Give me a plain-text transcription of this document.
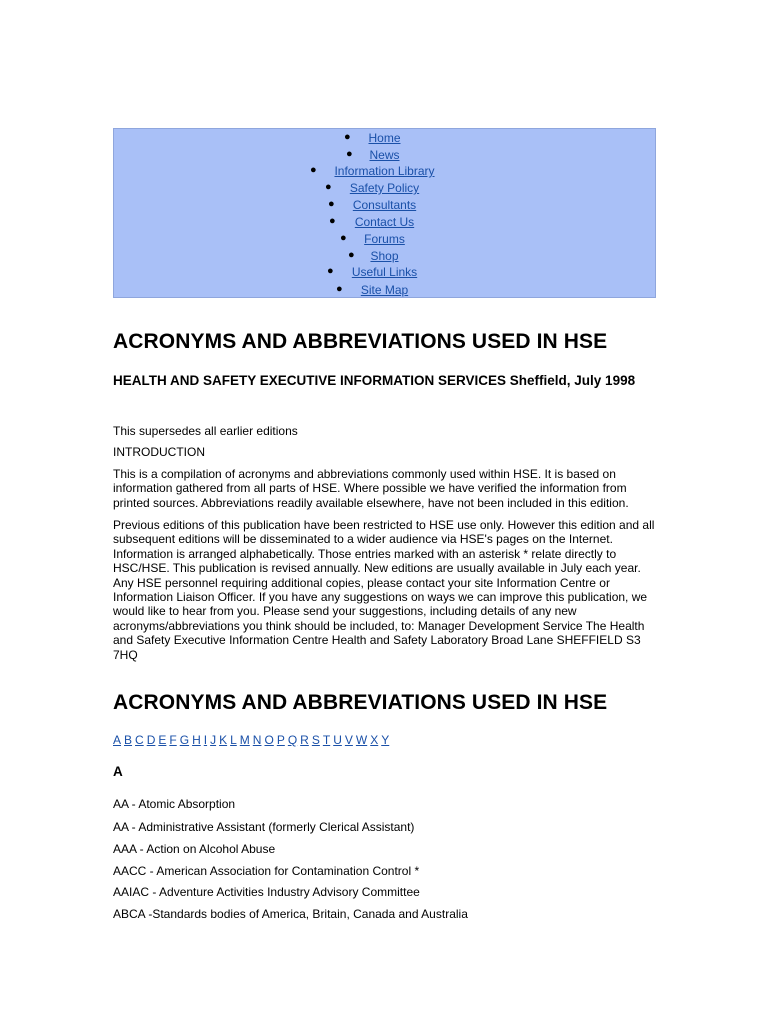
●	Home
●	News
●	Information Library
●	Safety Policy
●	Consultants
●	Contact Us
●	Forums
●	Shop
●	Useful Links
●	Site Map
ACRONYMS AND ABBREVIATIONS USED IN HSE
HEALTH AND SAFETY EXECUTIVE INFORMATION SERVICES Sheffield, July 1998
This supersedes all earlier editions
INTRODUCTION
This is a compilation of acronyms and abbreviations commonly used within HSE. It is based on information gathered from all parts of HSE. Where possible we have verified the information from printed sources. Abbreviations readily available elsewhere, have not been included in this edition.
Previous editions of this publication have been restricted to HSE use only. However this edition and all subsequent editions will be disseminated to a wider audience via HSE's pages on the Internet. Information is arranged alphabetically. Those entries marked with an asterisk * relate directly to HSC/HSE. This publication is revised annually. New editions are usually available in July each year. Any HSE personnel requiring additional copies, please contact your site Information Centre or Information Liaison Officer. If you have any suggestions on ways we can improve this publication, we would like to hear from you. Please send your suggestions, including details of any new acronyms/abbreviations you think should be included, to: Manager Development Service The Health and Safety Executive Information Centre Health and Safety Laboratory Broad Lane SHEFFIELD S3 7HQ
ACRONYMS AND ABBREVIATIONS USED IN HSE
A B C D E F G H I J K L M N O P Q R S T U V W X Y
A
AA - Atomic Absorption
AA - Administrative Assistant (formerly Clerical Assistant)
AAA - Action on Alcohol Abuse
AACC - American Association for Contamination Control *
AAIAC - Adventure Activities Industry Advisory Committee
ABCA -Standards bodies of America, Britain, Canada and Australia
